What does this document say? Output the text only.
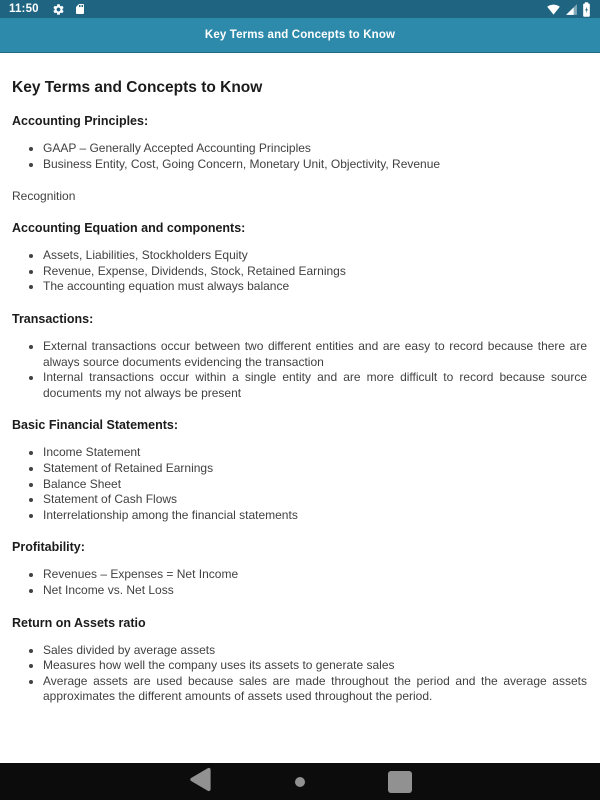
11:50
Key Terms and Concepts to Know
Key Terms and Concepts to Know
Accounting Principles:
• GAAP – Generally Accepted Accounting Principles
• Business Entity, Cost, Going Concern, Monetary Unit, Objectivity, Revenue
Recognition
Accounting Equation and components:
• Assets, Liabilities, Stockholders Equity
• Revenue, Expense, Dividends, Stock, Retained Earnings
• The accounting equation must always balance
Transactions:
• External transactions occur between two different entities and are easy to record because there are always source documents evidencing the transaction
• Internal transactions occur within a single entity and are more difficult to record because source documents my not always be present
Basic Financial Statements:
• Income Statement
• Statement of Retained Earnings
• Balance Sheet
• Statement of Cash Flows
• Interrelationship among the financial statements
Profitability:
• Revenues – Expenses = Net Income
• Net Income vs. Net Loss
Return on Assets ratio
• Sales divided by average assets
• Measures how well the company uses its assets to generate sales
• Average assets are used because sales are made throughout the period and the average assets approximates the different amounts of assets used throughout the period.
